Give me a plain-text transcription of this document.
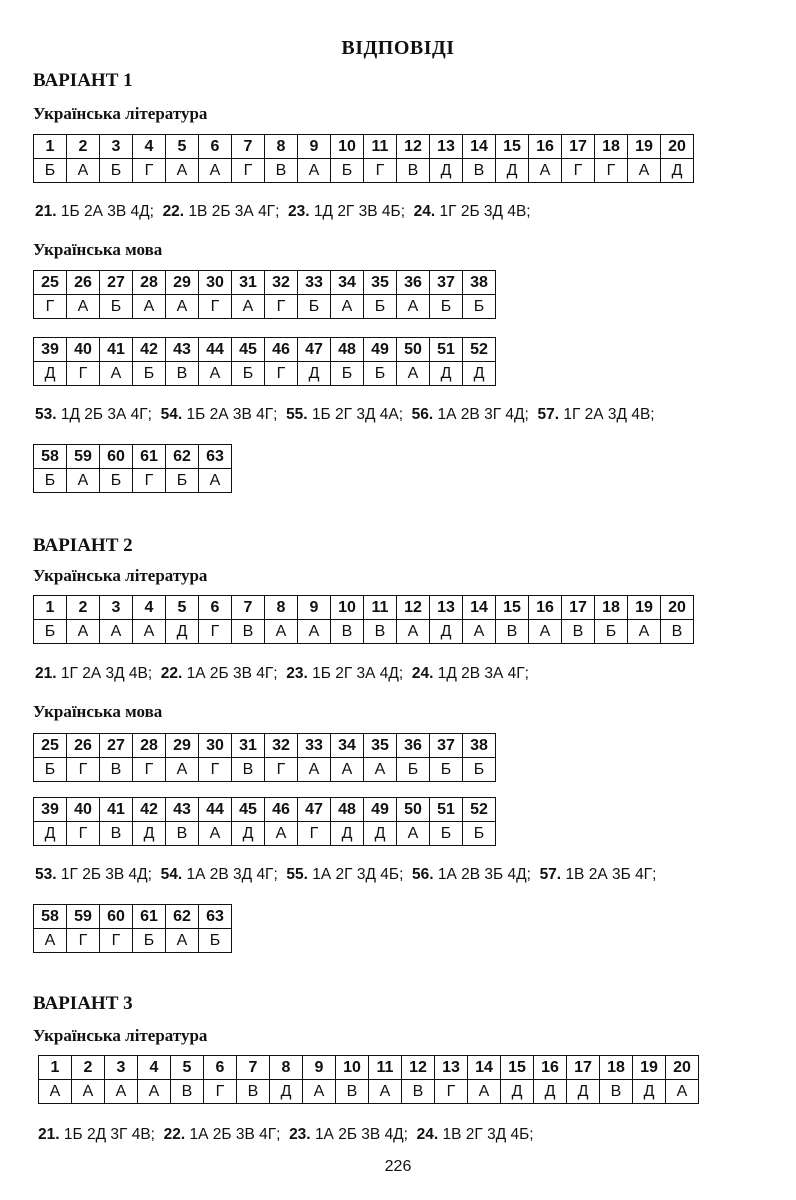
ВІДПОВІДІ
ВАРІАНТ 1
Українська література
1	2	3	4	5	6	7	8	9	10	11	12	13	14	15	16	17	18	19	20
Б	А	Б	Г	А	А	Г	В	А	Б	Г	В	Д	В	Д	А	Г	Г	А	Д
21. 1Б 2А 3В 4Д; 22. 1В 2Б 3А 4Г; 23. 1Д 2Г 3В 4Б; 24. 1Г 2Б 3Д 4В;
Українська мова
25	26	27	28	29	30	31	32	33	34	35	36	37	38
Г	А	Б	А	А	Г	А	Г	Б	А	Б	А	Б	Б
39	40	41	42	43	44	45	46	47	48	49	50	51	52
Д	Г	А	Б	В	А	Б	Г	Д	Б	Б	А	Д	Д
53. 1Д 2Б 3А 4Г; 54. 1Б 2А 3В 4Г; 55. 1Б 2Г 3Д 4А; 56. 1А 2В 3Г 4Д; 57. 1Г 2А 3Д 4В;
58	59	60	61	62	63
Б	А	Б	Г	Б	А
ВАРІАНТ 2
Українська література
1	2	3	4	5	6	7	8	9	10	11	12	13	14	15	16	17	18	19	20
Б	А	А	А	Д	Г	В	А	А	В	В	А	Д	А	В	А	В	Б	А	В
21. 1Г 2А 3Д 4В; 22. 1А 2Б 3В 4Г; 23. 1Б 2Г 3А 4Д; 24. 1Д 2В 3А 4Г;
Українська мова
25	26	27	28	29	30	31	32	33	34	35	36	37	38
Б	Г	В	Г	А	Г	В	Г	А	А	А	Б	Б	Б
39	40	41	42	43	44	45	46	47	48	49	50	51	52
Д	Г	В	Д	В	А	Д	А	Г	Д	Д	А	Б	Б
53. 1Г 2Б 3В 4Д; 54. 1А 2В 3Д 4Г; 55. 1А 2Г 3Д 4Б; 56. 1А 2В 3Б 4Д; 57. 1В 2А 3Б 4Г;
58	59	60	61	62	63
А	Г	Г	Б	А	Б
ВАРІАНТ 3
Українська література
1	2	3	4	5	6	7	8	9	10	11	12	13	14	15	16	17	18	19	20
А	А	А	А	В	Г	В	Д	А	В	А	В	Г	А	Д	Д	Д	В	Д	А
21. 1Б 2Д 3Г 4В; 22. 1А 2Б 3В 4Г; 23. 1А 2Б 3В 4Д; 24. 1В 2Г 3Д 4Б;
226
